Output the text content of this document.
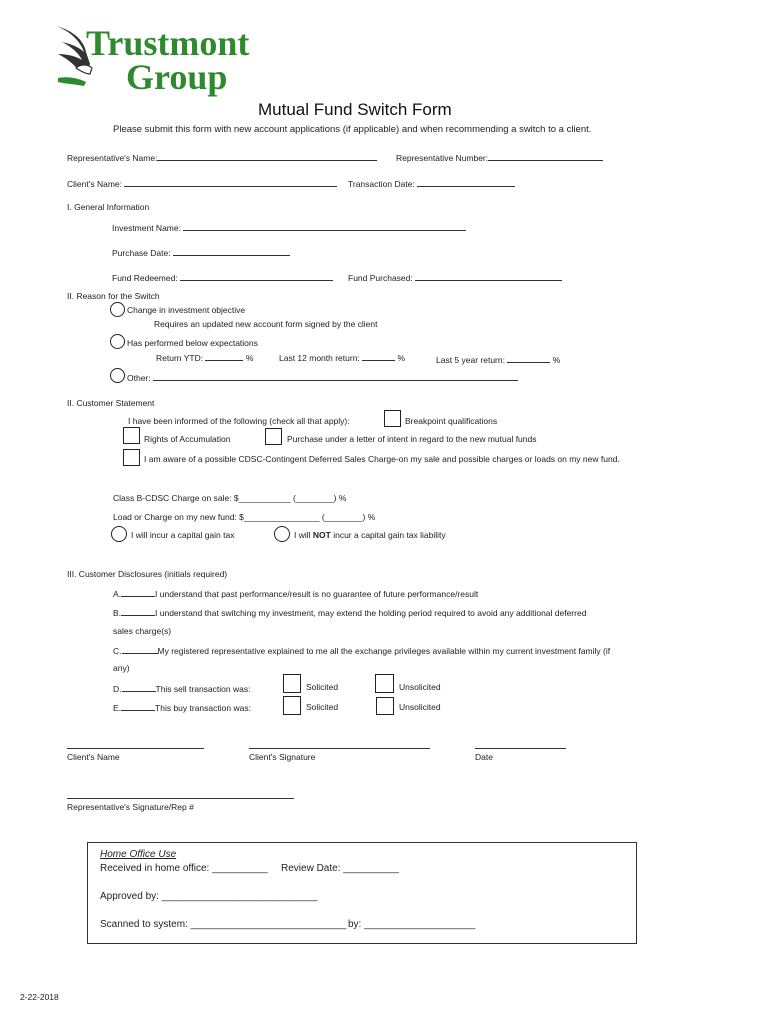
Trustmont
Group
Mutual Fund Switch Form
Please submit this form with new account applications (if applicable) and when recommending a switch to a client.
Representative's Name:	Representative Number:
Client's Name:	Transaction Date:
I. General Information
Investment Name:
Purchase Date:
Fund Redeemed:	Fund Purchased:
II. Reason for the Switch
Change in investment objective
Requires an updated new account form signed by the client
Has performed below expectations
Return YTD:	%	Last 12 month return:	%	Last 5 year return:	%
Other:
II. Customer Statement
I have been informed of the following (check all that apply):	Breakpoint qualifications
Rights of Accumulation	Purchase under a letter of intent in regard to the new mutual funds
I am aware of a possible CDSC-Contingent Deferred Sales Charge-on my sale and possible charges or loads on my new fund.
Class B-CDSC Charge on sale: $___________ (________) %
Load or Charge on my new fund: $________________ (________) %
I will incur a capital gain tax	I will NOT incur a capital gain tax liability
III. Customer Disclosures (initials required)
A.	I understand that past performance/result is no guarantee of future performance/result
B.	I understand that switching my investment, may extend the holding period required to avoid any additional deferred
sales charge(s)
C.	My registered representative explained to me all the exchange privileges available within my current investment family (if
any)
D.	This sell transaction was:	Solicited	Unsolicited
E.	This buy transaction was:	Solicited	Unsolicited
Client's Name	Client's Signature	Date
Representative's Signature/Rep #
Home Office Use
Received in home office: __________ Review Date: __________
Approved by: ____________________________
Scanned to system: ____________________________ by: ____________________
2-22-2018
